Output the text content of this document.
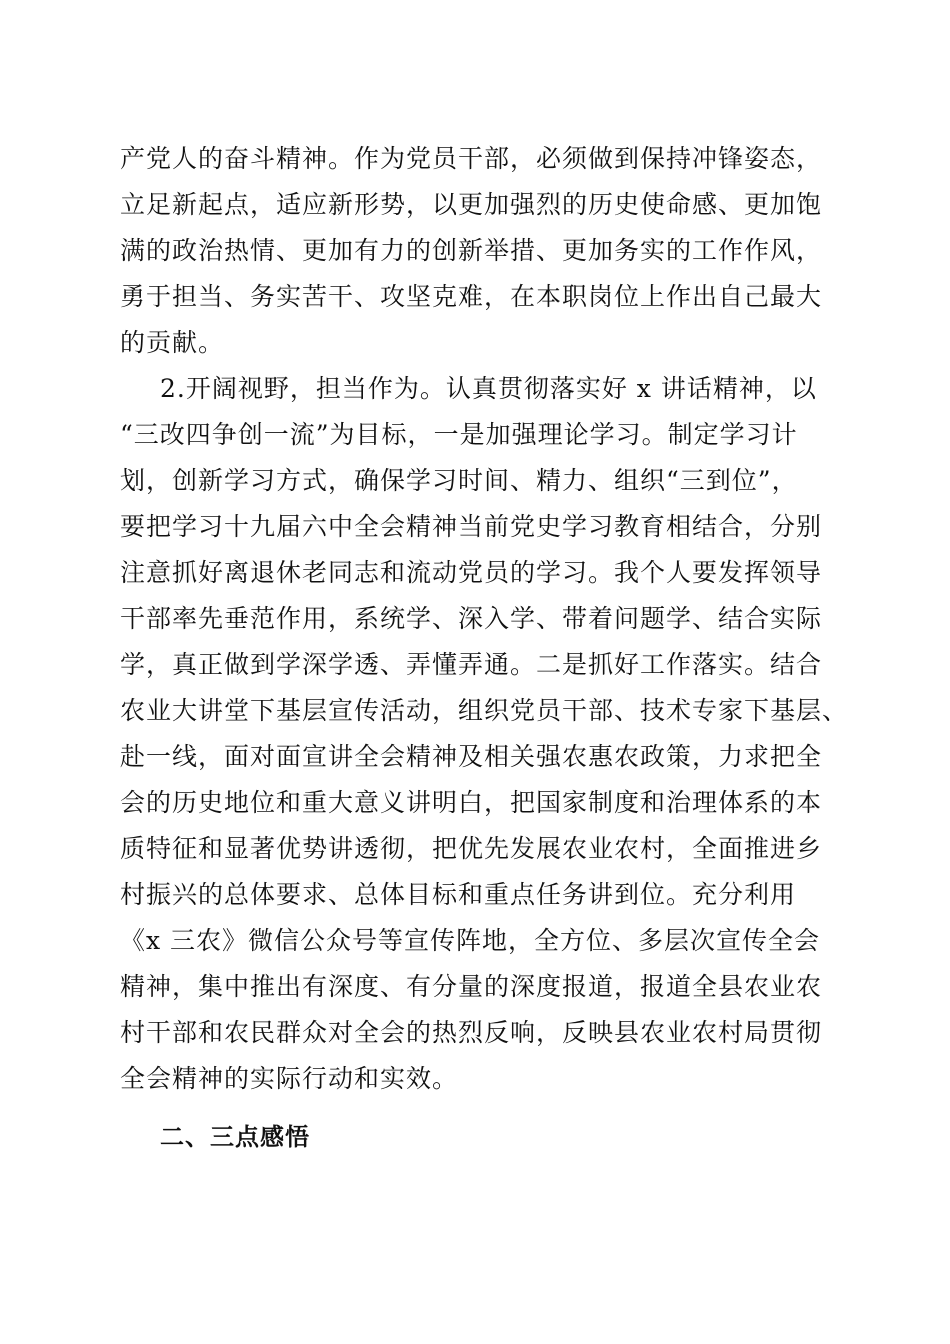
产党人的奋斗精神。作为党员干部，必须做到保持冲锋姿态，
立足新起点，适应新形势，以更加强烈的历史使命感、更加饱
满的政治热情、更加有力的创新举措、更加务实的工作作风，
勇于担当、务实苦干、攻坚克难，在本职岗位上作出自己最大
的贡献。
2.开阔视野，担当作为。认真贯彻落实好 x 讲话精神，以
“三改四争创一流”为目标，一是加强理论学习。制定学习计
划，创新学习方式，确保学习时间、精力、组织“三到位”，
要把学习十九届六中全会精神当前党史学习教育相结合，分别
注意抓好离退休老同志和流动党员的学习。我个人要发挥领导
干部率先垂范作用，系统学、深入学、带着问题学、结合实际
学，真正做到学深学透、弄懂弄通。二是抓好工作落实。结合
农业大讲堂下基层宣传活动，组织党员干部、技术专家下基层、
赴一线，面对面宣讲全会精神及相关强农惠农政策，力求把全
会的历史地位和重大意义讲明白，把国家制度和治理体系的本
质特征和显著优势讲透彻，把优先发展农业农村，全面推进乡
村振兴的总体要求、总体目标和重点任务讲到位。充分利用
《x 三农》微信公众号等宣传阵地，全方位、多层次宣传全会
精神，集中推出有深度、有分量的深度报道，报道全县农业农
村干部和农民群众对全会的热烈反响，反映县农业农村局贯彻
全会精神的实际行动和实效。
二、三点感悟
